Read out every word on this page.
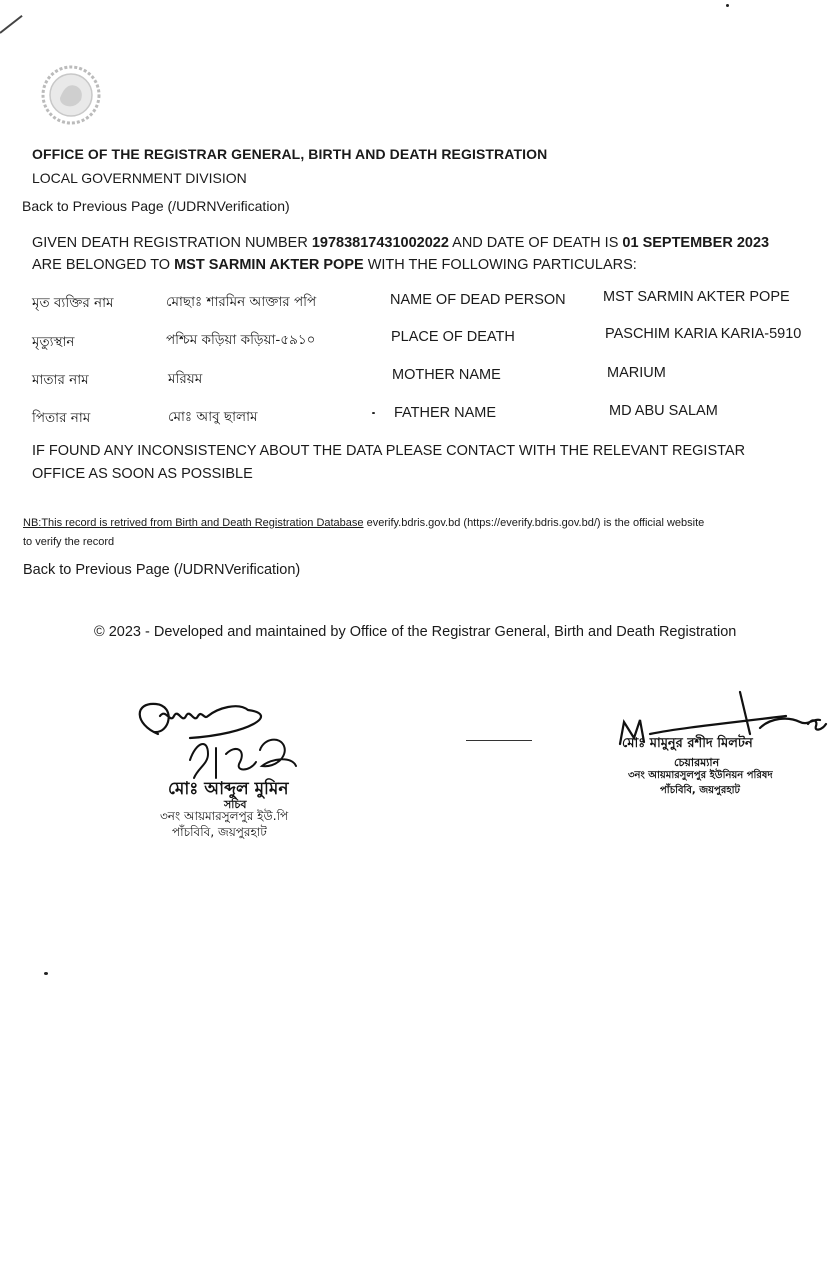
OFFICE OF THE REGISTRAR GENERAL, BIRTH AND DEATH REGISTRATION
LOCAL GOVERNMENT DIVISION
Back to Previous Page (/UDRNVerification)
GIVEN DEATH REGISTRATION NUMBER 19783817431002022 AND DATE OF DEATH IS 01 SEPTEMBER 2023
ARE BELONGED TO MST SARMIN AKTER POPE WITH THE FOLLOWING PARTICULARS:
মৃত ব্যক্তির নাম	মোছাঃ শারমিন আক্তার পপি	NAME OF DEAD PERSON	MST SARMIN AKTER POPE
মৃত্যুস্থান	পশ্চিম কড়িয়া কড়িয়া-৫৯১০	PLACE OF DEATH	PASCHIM KARIA KARIA-5910
মাতার নাম	মরিয়ম	MOTHER NAME	MARIUM
পিতার নাম	মোঃ আবু ছালাম	FATHER NAME	MD ABU SALAM
IF FOUND ANY INCONSISTENCY ABOUT THE DATA PLEASE CONTACT WITH THE RELEVANT REGISTAR
OFFICE AS SOON AS POSSIBLE
NB:This record is retrived from Birth and Death Registration Database everify.bdris.gov.bd (https://everify.bdris.gov.bd/) is the official website
to verify the record
Back to Previous Page (/UDRNVerification)
© 2023 - Developed and maintained by Office of the Registrar General, Birth and Death Registration
মোঃ আব্দুল মুমিন
সচিব
৩নং আয়মারসুলপুর ইউ.পি
পাঁচবিবি, জয়পুরহাট
মোঃ মামুনুর রশীদ মিলটন
চেয়ারম্যান
৩নং আয়মারসুলপুর ইউনিয়ন পরিষদ
পাঁচবিবি, জয়পুরহাট
